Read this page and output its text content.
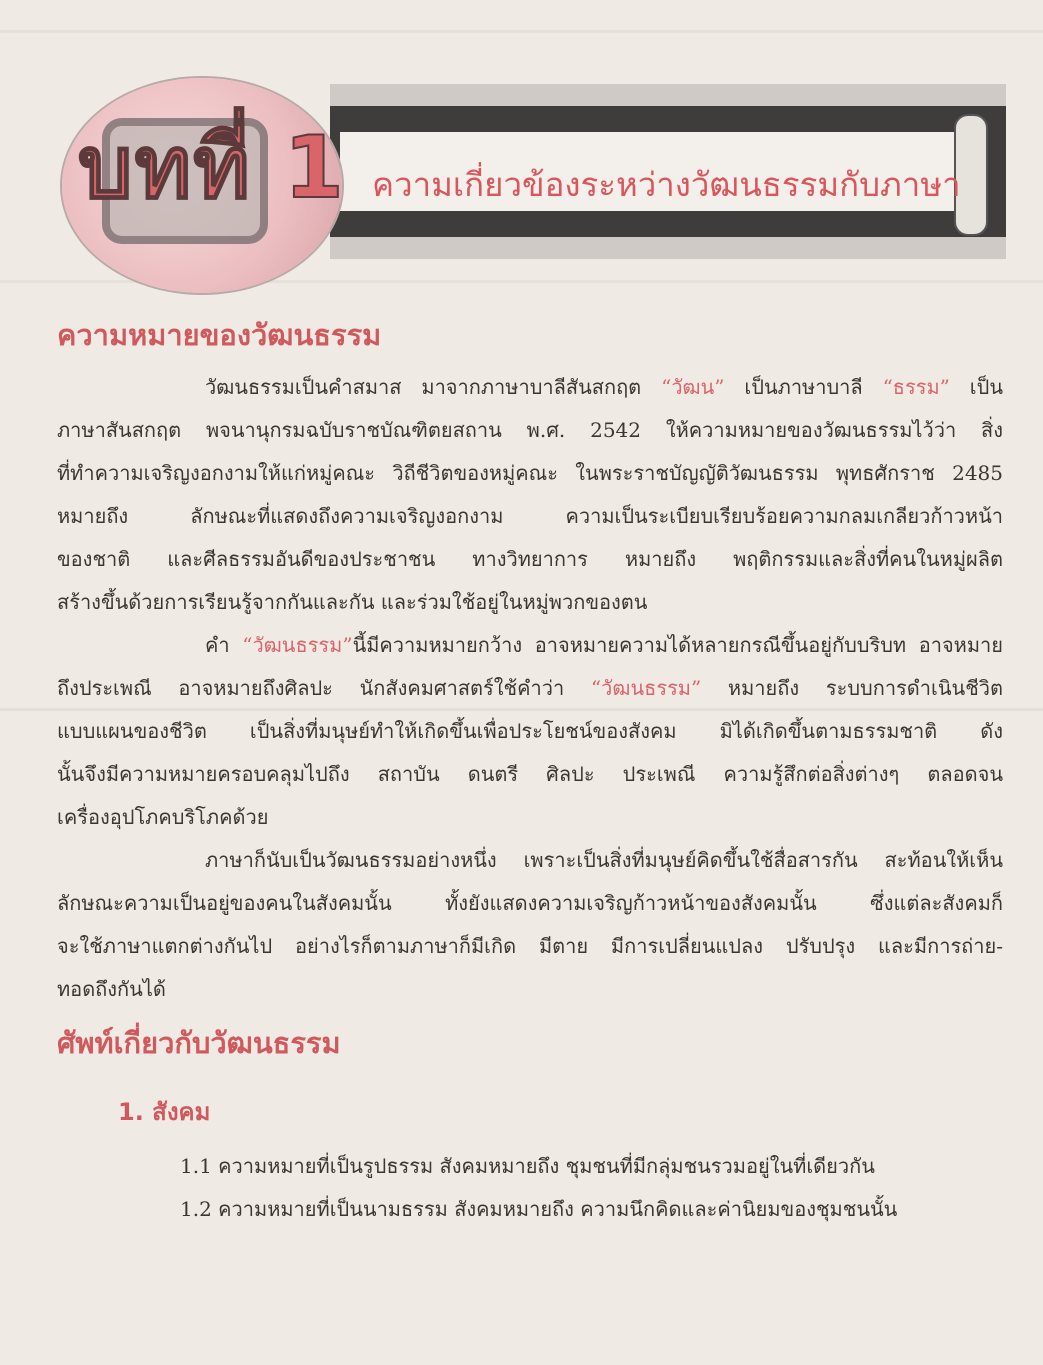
บทที่ 1 ความเกี่ยวข้องระหว่างวัฒนธรรมกับภาษา
ความหมายของวัฒนธรรม
วัฒนธรรมเป็นคำสมาส มาจากภาษาบาลีสันสกฤต “วัฒน” เป็นภาษาบาลี “ธรรม” เป็น
ภาษาสันสกฤต พจนานุกรมฉบับราชบัณฑิตยสถาน พ.ศ. 2542 ให้ความหมายของวัฒนธรรมไว้ว่า สิ่ง
ที่ทำความเจริญงอกงามให้แก่หมู่คณะ วิถีชีวิตของหมู่คณะ ในพระราชบัญญัติวัฒนธรรม พุทธศักราช 2485
หมายถึง ลักษณะที่แสดงถึงความเจริญงอกงาม ความเป็นระเบียบเรียบร้อยความกลมเกลียวก้าวหน้า
ของชาติ และศีลธรรมอันดีของประชาชน ทางวิทยาการ หมายถึง พฤติกรรมและสิ่งที่คนในหมู่ผลิต
สร้างขึ้นด้วยการเรียนรู้จากกันและกัน และร่วมใช้อยู่ในหมู่พวกของตน
คำ “วัฒนธรรม”นี้มีความหมายกว้าง อาจหมายความได้หลายกรณีขึ้นอยู่กับบริบท อาจหมาย
ถึงประเพณี อาจหมายถึงศิลปะ นักสังคมศาสตร์ใช้คำว่า “วัฒนธรรม” หมายถึง ระบบการดำเนินชีวิต
แบบแผนของชีวิต เป็นสิ่งที่มนุษย์ทำให้เกิดขึ้นเพื่อประโยชน์ของสังคม มิได้เกิดขึ้นตามธรรมชาติ ดัง
นั้นจึงมีความหมายครอบคลุมไปถึง สถาบัน ดนตรี ศิลปะ ประเพณี ความรู้สึกต่อสิ่งต่างๆ ตลอดจน
เครื่องอุปโภคบริโภคด้วย
ภาษาก็นับเป็นวัฒนธรรมอย่างหนึ่ง เพราะเป็นสิ่งที่มนุษย์คิดขึ้นใช้สื่อสารกัน สะท้อนให้เห็น
ลักษณะความเป็นอยู่ของคนในสังคมนั้น ทั้งยังแสดงความเจริญก้าวหน้าของสังคมนั้น ซึ่งแต่ละสังคมก็
จะใช้ภาษาแตกต่างกันไป อย่างไรก็ตามภาษาก็มีเกิด มีตาย มีการเปลี่ยนแปลง ปรับปรุง และมีการถ่าย-
ทอดถึงกันได้
ศัพท์เกี่ยวกับวัฒนธรรม
1. สังคม
1.1 ความหมายที่เป็นรูปธรรม สังคมหมายถึง ชุมชนที่มีกลุ่มชนรวมอยู่ในที่เดียวกัน
1.2 ความหมายที่เป็นนามธรรม สังคมหมายถึง ความนึกคิดและค่านิยมของชุมชนนั้น
